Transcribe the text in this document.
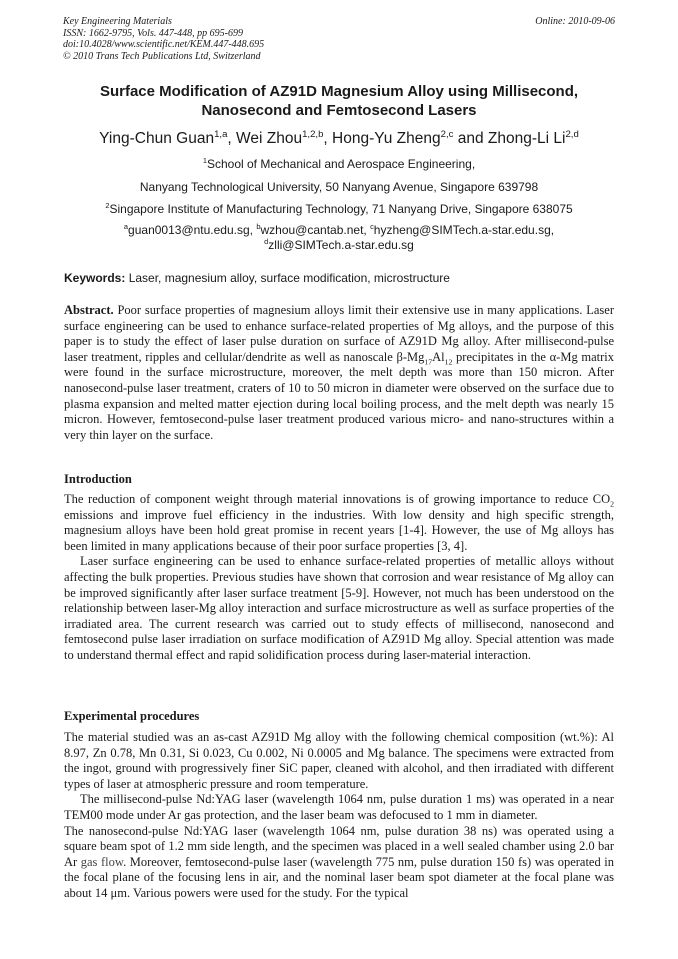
Key Engineering Materials
ISSN: 1662-9795, Vols. 447-448, pp 695-699
doi:10.4028/www.scientific.net/KEM.447-448.695
© 2010 Trans Tech Publications Ltd, Switzerland
Online: 2010-09-06
Surface Modification of AZ91D Magnesium Alloy using Millisecond,
Nanosecond and Femtosecond Lasers
Ying-Chun Guan$^{1,a}$, Wei Zhou$^{1,2,b}$, Hong-Yu Zheng$^{2,c}$ and Zhong-Li Li$^{2,d}$
$^1$School of Mechanical and Aerospace Engineering,
Nanyang Technological University, 50 Nanyang Avenue, Singapore 639798
$^2$Singapore Institute of Manufacturing Technology, 71 Nanyang Drive, Singapore 638075
$^a$guan0013@ntu.edu.sg, $^b$wzhou@cantab.net, $^c$hyzheng@SIMTech.a-star.edu.sg,
$^d$zlli@SIMTech.a-star.edu.sg
Keywords: Laser, magnesium alloy, surface modification, microstructure

Abstract. Poor surface properties of magnesium alloys limit their extensive use in many applications. Laser surface engineering can be used to enhance surface-related properties of Mg alloys, and the purpose of this paper is to study the effect of laser pulse duration on surface of AZ91D Mg alloy. After millisecond-pulse laser treatment, ripples and cellular/dendrite as well as nanoscale $\beta-Mg_{17}Al_{12}$ precipitates in the α-Mg matrix were found in the surface microstructure, moreover, the melt depth was more than 150 micron. After nanosecond-pulse laser treatment, craters of 10 to 50 micron in diameter were observed on the surface due to plasma expansion and melted matter ejection during local boiling process, and the melt depth was nearly 15 micron. However, femtosecond-pulse laser treatment produced various micro- and nano-structures within a very thin layer on the surface.

Introduction

The reduction of component weight through material innovations is of growing importance to reduce $CO_2$ emissions and improve fuel efficiency in the industries. With low density and high specific strength, magnesium alloys have been hold great promise in recent years [1-4]. However, the use of Mg alloys has been limited in many applications because of their poor surface properties [3, 4].

Laser surface engineering can be used to enhance surface-related properties of metallic alloys without affecting the bulk properties. Previous studies have shown that corrosion and wear resistance of Mg alloy can be improved significantly after laser surface treatment [5-9]. However, not much has been understood on the relationship between laser-Mg alloy interaction and surface microstructure as well as surface properties of the irradiated area. The current research was carried out to study effects of millisecond, nanosecond and femtosecond pulse laser irradiation on surface modification of AZ91D Mg alloy. Special attention was made to understand thermal effect and rapid solidification process during laser-material interaction.

Experimental procedures

The material studied was an as-cast AZ91D Mg alloy with the following chemical composition (wt.%): Al 8.97, Zn 0.78, Mn 0.31, Si 0.023, Cu 0.002, Ni 0.0005 and Mg balance. The specimens were extracted from the ingot, ground with progressively finer SiC paper, cleaned with alcohol, and then irradiated with different types of laser at atmospheric pressure and room temperature.

The millisecond-pulse Nd:YAG laser (wavelength 1064 nm, pulse duration 1 ms) was operated in a near TEM00 mode under Ar gas protection, and the laser beam was defocused to 1 mm in diameter.

The nanosecond-pulse Nd:YAG laser (wavelength 1064 nm, pulse duration 38 ns) was operated using a square beam spot of 1.2 mm side length, and the specimen was placed in a well sealed chamber using 2.0 bar Ar gas flow. Moreover, femtosecond-pulse laser (wavelength 775 nm, pulse duration 150 fs) was operated in the focal plane of the focusing lens in air, and the nominal laser beam spot diameter at the focal plane was about 14 μm. Various powers were used for the study. For the typical
